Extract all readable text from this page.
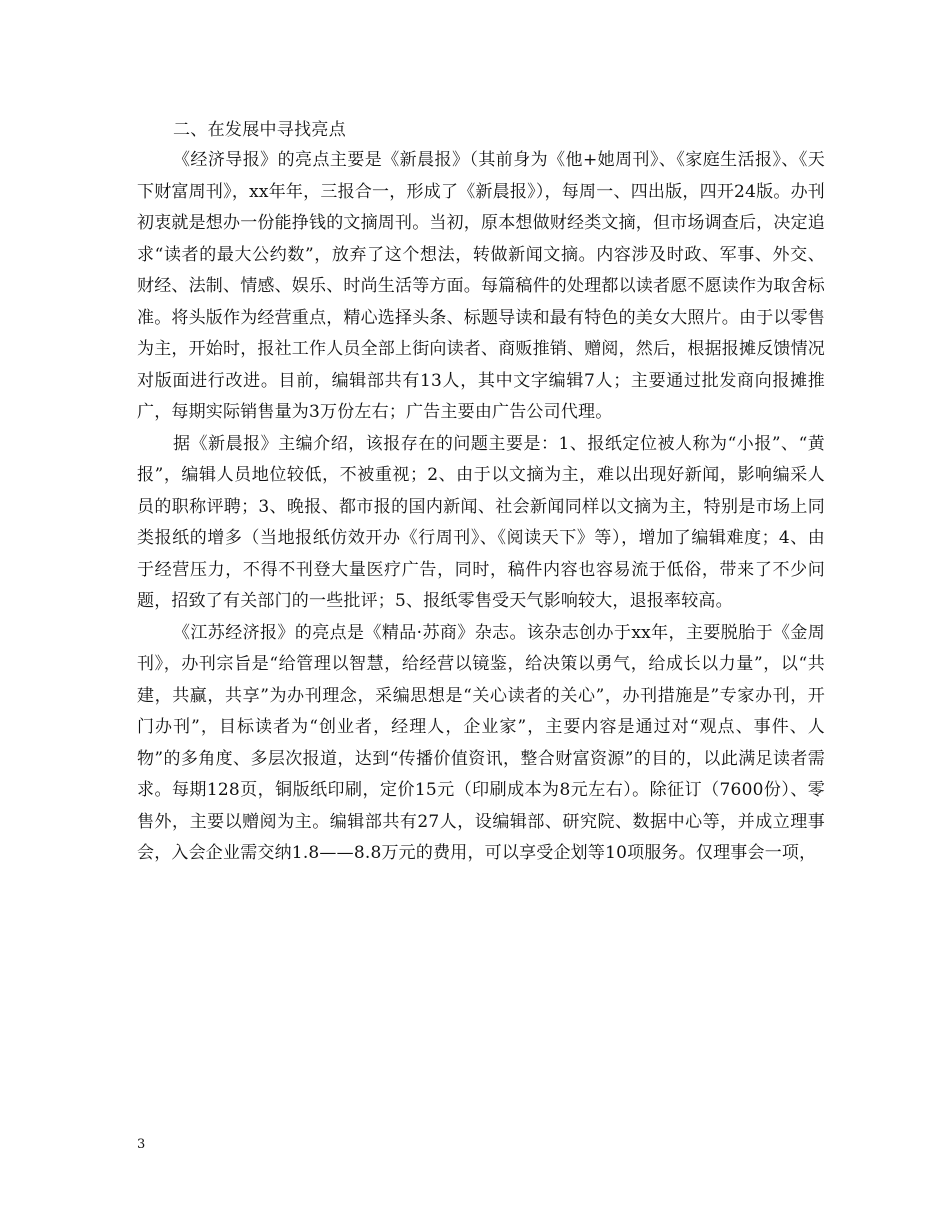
二、在发展中寻找亮点

《经济导报》的亮点主要是《新晨报》（其前身为《他+她周刊》、《家庭生活报》、《天下财富周刊》，xx年年，三报合一，形成了《新晨报》），每周一、四出版，四开24版。办刊初衷就是想办一份能挣钱的文摘周刊。当初，原本想做财经类文摘，但市场调查后，决定追求“读者的最大公约数”，放弃了这个想法，转做新闻文摘。内容涉及时政、军事、外交、财经、法制、情感、娱乐、时尚生活等方面。每篇稿件的处理都以读者愿不愿读作为取舍标准。将头版作为经营重点，精心选择头条、标题导读和最有特色的美女大照片。由于以零售为主，开始时，报社工作人员全部上街向读者、商贩推销、赠阅，然后，根据报摊反馈情况对版面进行改进。目前，编辑部共有13人，其中文字编辑7人；主要通过批发商向报摊推广，每期实际销售量为3万份左右；广告主要由广告公司代理。

据《新晨报》主编介绍，该报存在的问题主要是：1、报纸定位被人称为“小报”、“黄报”，编辑人员地位较低，不被重视；2、由于以文摘为主，难以出现好新闻，影响编采人员的职称评聘；3、晚报、都市报的国内新闻、社会新闻同样以文摘为主，特别是市场上同类报纸的增多（当地报纸仿效开办《行周刊》、《阅读天下》等），增加了编辑难度；4、由于经营压力，不得不刊登大量医疗广告，同时，稿件内容也容易流于低俗，带来了不少问题，招致了有关部门的一些批评；5、报纸零售受天气影响较大，退报率较高。

《江苏经济报》的亮点是《精品·苏商》杂志。该杂志创办于xx年，主要脱胎于《金周刊》，办刊宗旨是“给管理以智慧，给经营以镜鉴，给决策以勇气，给成长以力量”，以“共建，共赢，共享”为办刊理念，采编思想是“关心读者的关心”，办刊措施是”专家办刊，开门办刊”，目标读者为“创业者，经理人，企业家”，主要内容是通过对“观点、事件、人物”的多角度、多层次报道，达到“传播价值资讯，整合财富资源”的目的，以此满足读者需求。每期128页，铜版纸印刷，定价15元（印刷成本为8元左右）。除征订（7600份）、零售外，主要以赠阅为主。编辑部共有27人，设编辑部、研究院、数据中心等，并成立理事会，入会企业需交纳1.8——8.8万元的费用，可以享受企划等10项服务。仅理事会一项，

3
